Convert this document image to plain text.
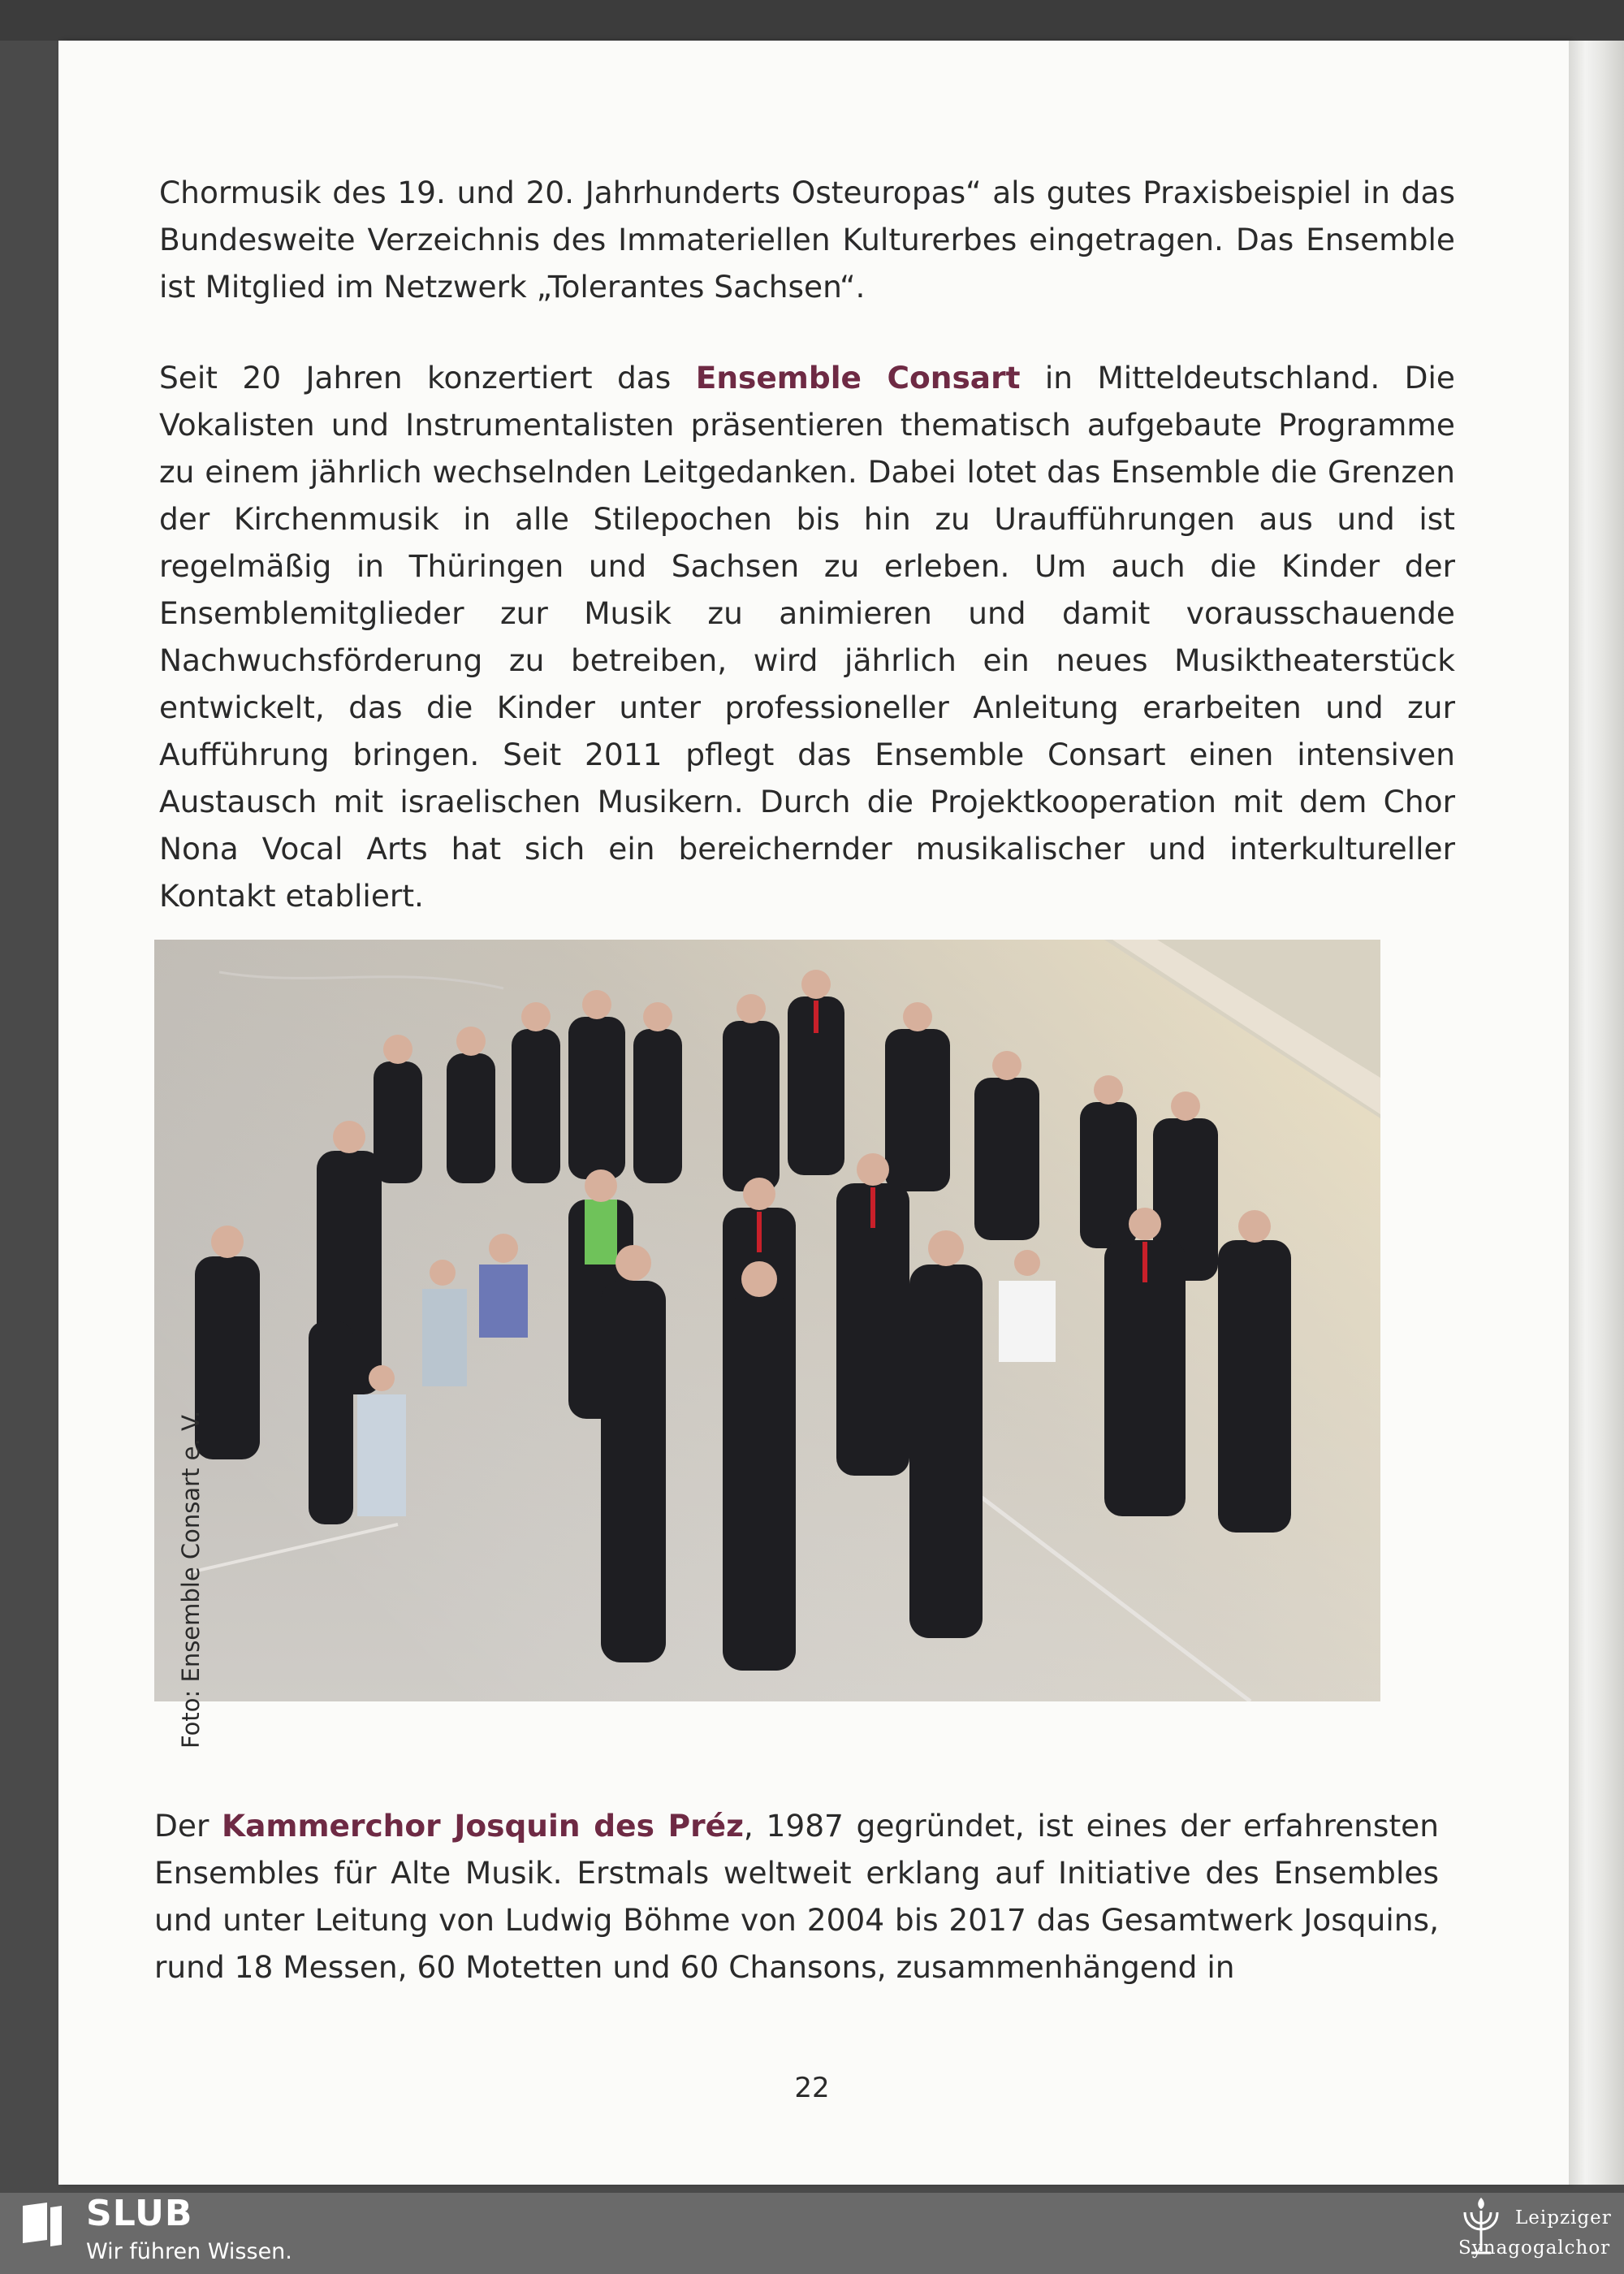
Chormusik des 19. und 20. Jahrhunderts Osteuropas“ als gutes Praxisbeispiel in das Bundesweite Verzeichnis des Immateriellen Kulturerbes eingetragen. Das Ensemble ist Mitglied im Netzwerk „Tolerantes Sachsen“.

Seit 20 Jahren konzertiert das Ensemble Consart in Mitteldeutschland. Die Vokalisten und Instrumentalisten präsentieren thematisch aufgebaute Programme zu einem jährlich wechselnden Leitgedanken. Dabei lotet das Ensemble die Grenzen der Kirchenmusik in alle Stilepochen bis hin zu Uraufführungen aus und ist regelmäßig in Thüringen und Sachsen zu erleben. Um auch die Kinder der Ensemblemitglieder zur Musik zu animieren und damit vorausschauende Nachwuchsförderung zu betreiben, wird jährlich ein neues Musiktheaterstück entwickelt, das die Kinder unter professioneller Anleitung erarbeiten und zur Aufführung bringen. Seit 2011 pflegt das Ensemble Consart einen intensiven Austausch mit israelischen Musikern. Durch die Projektkooperation mit dem Chor Nona Vocal Arts hat sich ein bereichernder musikalischer und interkultureller Kontakt etabliert.

Foto: Ensemble Consart e. V.

Der Kammerchor Josquin des Préz, 1987 gegründet, ist eines der erfahrensten Ensembles für Alte Musik. Erstmals weltweit erklang auf Initiative des Ensembles und unter Leitung von Ludwig Böhme von 2004 bis 2017 das Gesamtwerk Josquins, rund 18 Messen, 60 Motetten und 60 Chansons, zusammenhängend in

22
SLUB
Wir führen Wissen.
Leipziger
Synagogalchor
